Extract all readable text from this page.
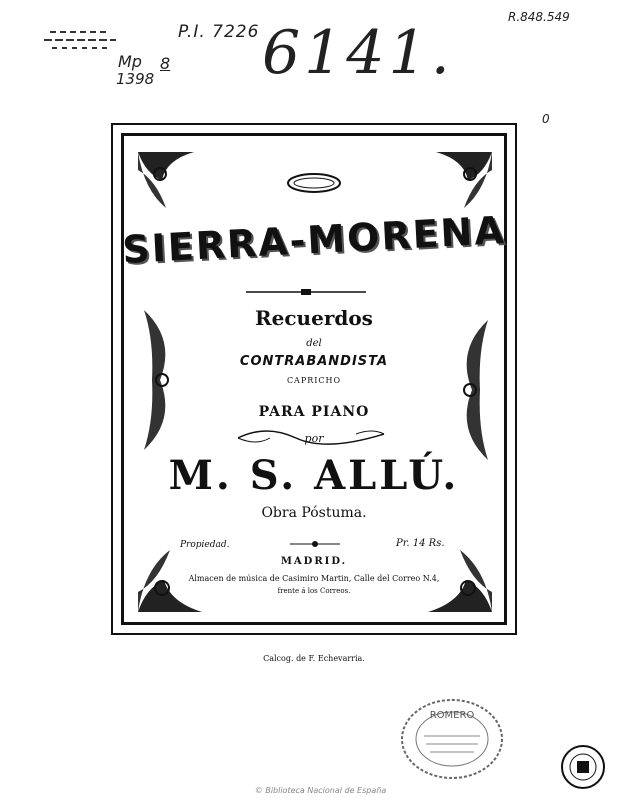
P.I. 7226
R.848.549
Mp 8
1398 6141.
0
SIERRA-MORENA
Recuerdos
del
CONTRABANDISTA
CAPRICHO
PARA PIANO
por
M. S. ALLÚ.
Obra Póstuma.
Propiedad.	Pr. 14 Rs.
MADRID.
Almacen de música de Casimiro Martin, Calle del Correo N.4,
frente á los Correos.
Calcog. de F. Echevarria.
ROMERO
BIBLIOTECA NACIONAL MADRID
© Biblioteca Nacional de España
